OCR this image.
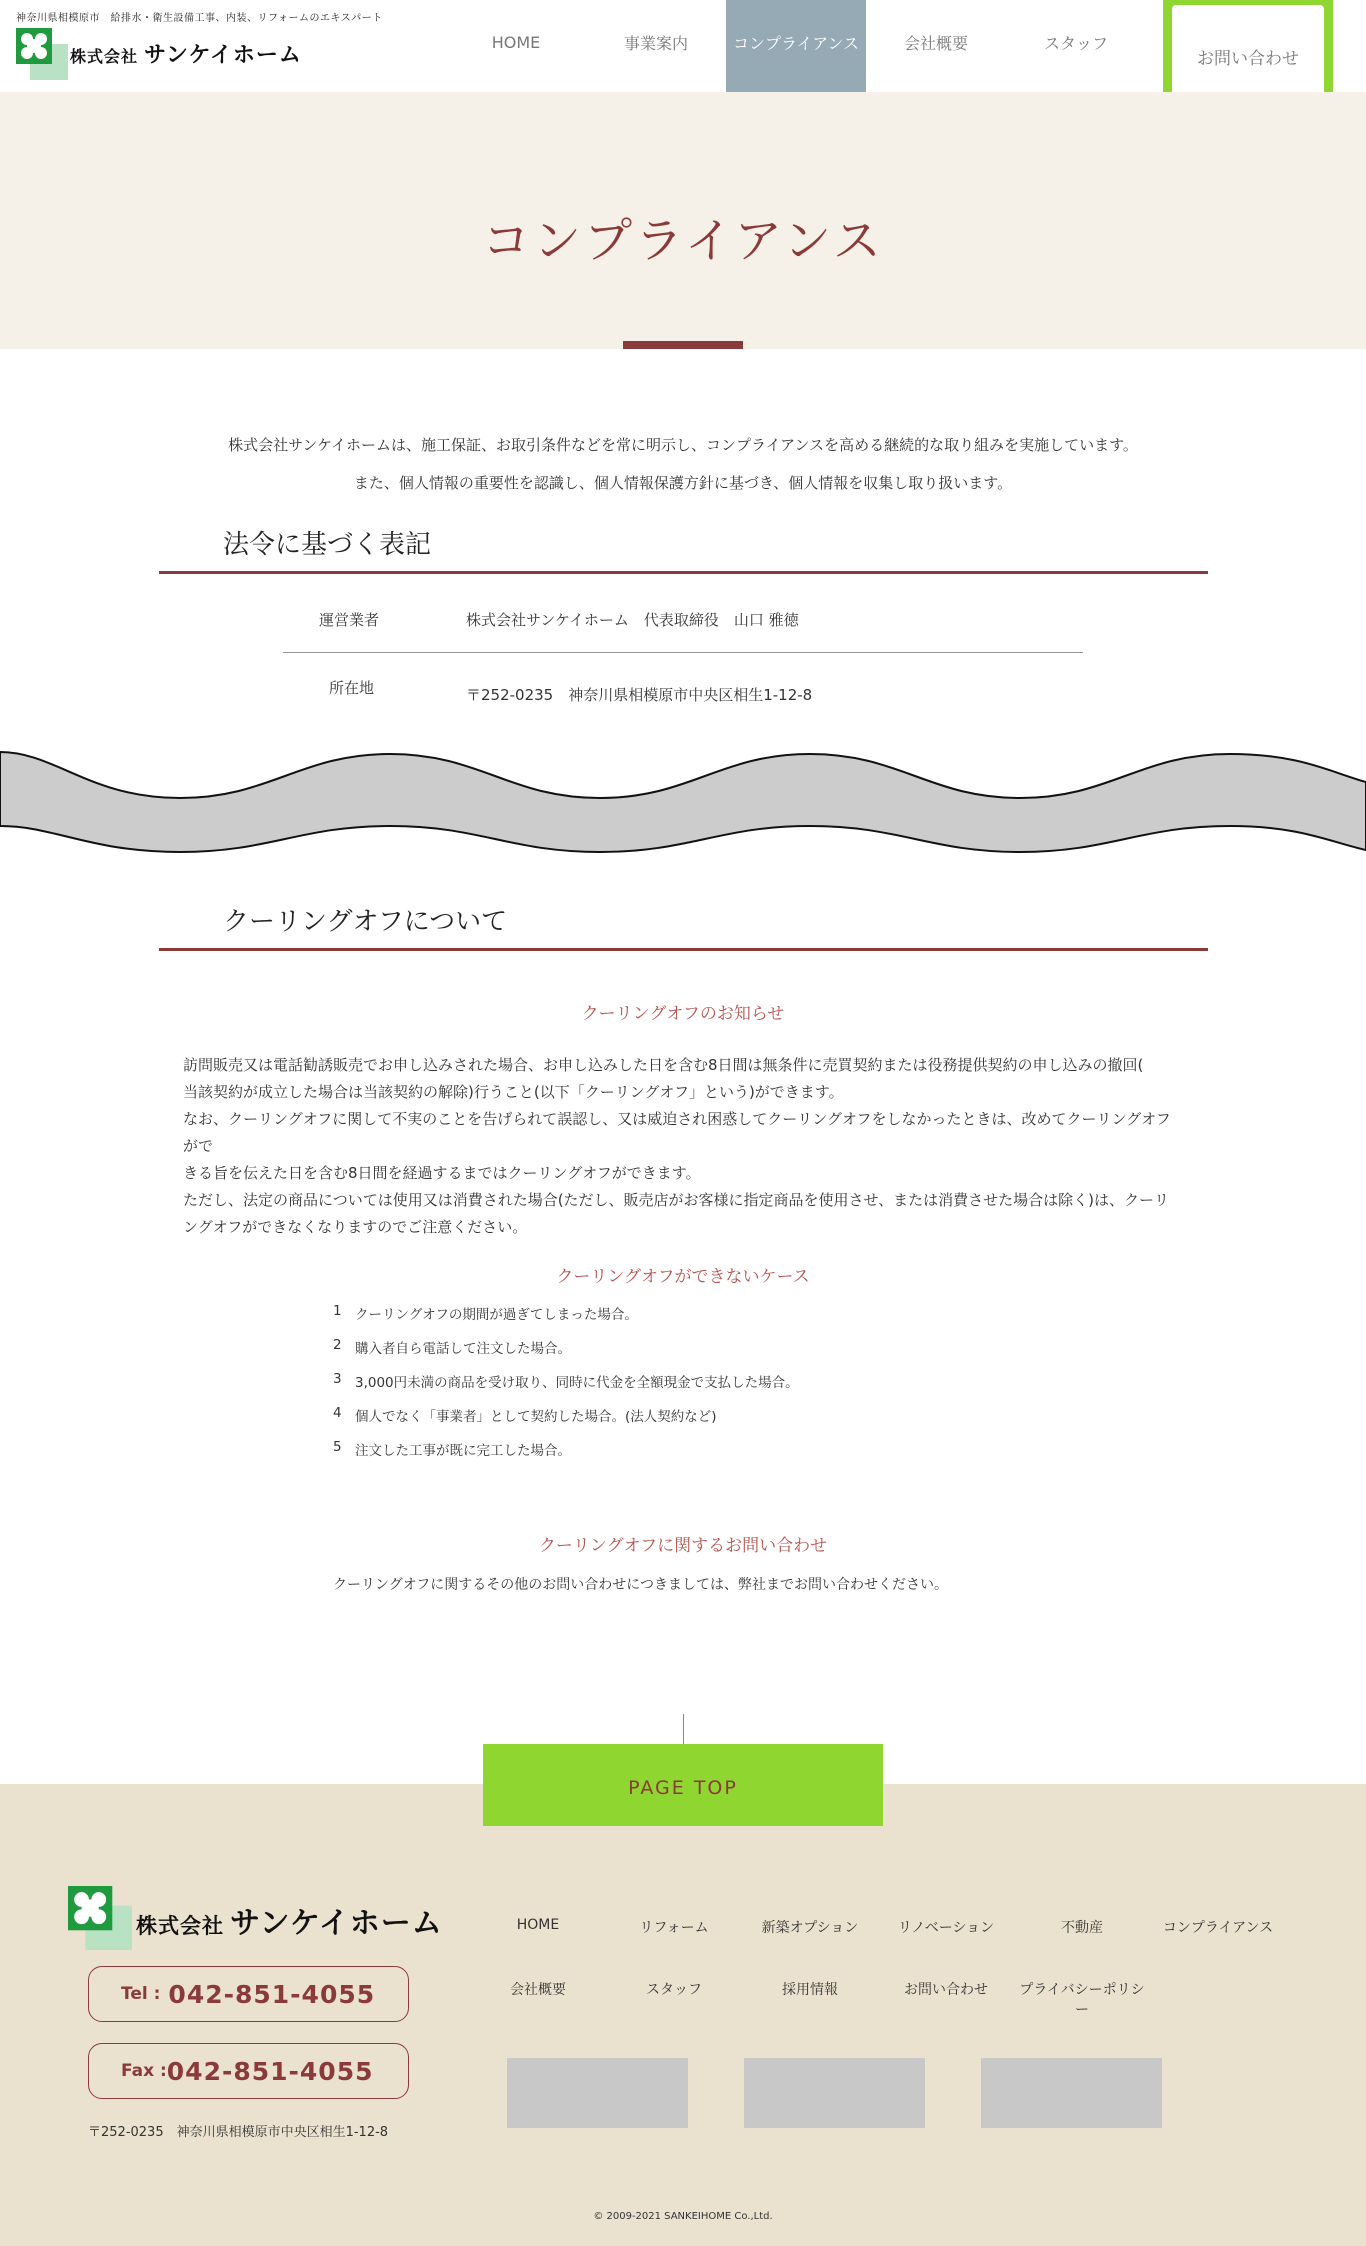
神奈川県相模原市　給排水・衛生設備工事、内装、リフォームのエキスパート
株式会社 サンケイホーム
HOME	事業案内	コンプライアンス	会社概要	スタッフ
お問い合わせ
コンプライアンス
株式会社サンケイホームは、施工保証、お取引条件などを常に明示し、コンプライアンスを高める継続的な取り組みを実施しています。
また、個人情報の重要性を認識し、個人情報保護方針に基づき、個人情報を収集し取り扱います。
法令に基づく表記
運営業者	株式会社サンケイホーム　代表取締役　山口 雅徳
所在地	〒252-0235　神奈川県相模原市中央区相生1-12-8
クーリングオフについて
クーリングオフのお知らせ
訪問販売又は電話勧誘販売でお申し込みされた場合、お申し込みした日を含む8日間は無条件に売買契約または役務提供契約の申し込みの撤回(
当該契約が成立した場合は当該契約の解除)行うこと(以下「クーリングオフ」という)ができます。
なお、クーリングオフに関して不実のことを告げられて誤認し、又は威迫され困惑してクーリングオフをしなかったときは、改めてクーリングオフがで
きる旨を伝えた日を含む8日間を経過するまではクーリングオフができます。
ただし、法定の商品については使用又は消費された場合(ただし、販売店がお客様に指定商品を使用させ、または消費させた場合は除く)は、クーリ
ングオフができなくなりますのでご注意ください。
クーリングオフができないケース
1 クーリングオフの期間が過ぎてしまった場合。
2 購入者自ら電話して注文した場合。
3 3,000円未満の商品を受け取り、同時に代金を全額現金で支払した場合。
4 個人でなく「事業者」として契約した場合。(法人契約など)
5 注文した工事が既に完工した場合。
クーリングオフに関するお問い合わせ
クーリングオフに関するその他のお問い合わせにつきましては、弊社までお問い合わせください。
PAGE TOP
株式会社 サンケイホーム
Tel : 042-851-4055
Fax : 042-851-4055
〒252-0235　神奈川県相模原市中央区相生1-12-8
HOME	リフォーム	新築オプション	リノベーション	不動産	コンプライアンス
会社概要	スタッフ	採用情報	お問い合わせ	プライバシーポリシー
© 2009-2021 SANKEIHOME Co.,Ltd.
